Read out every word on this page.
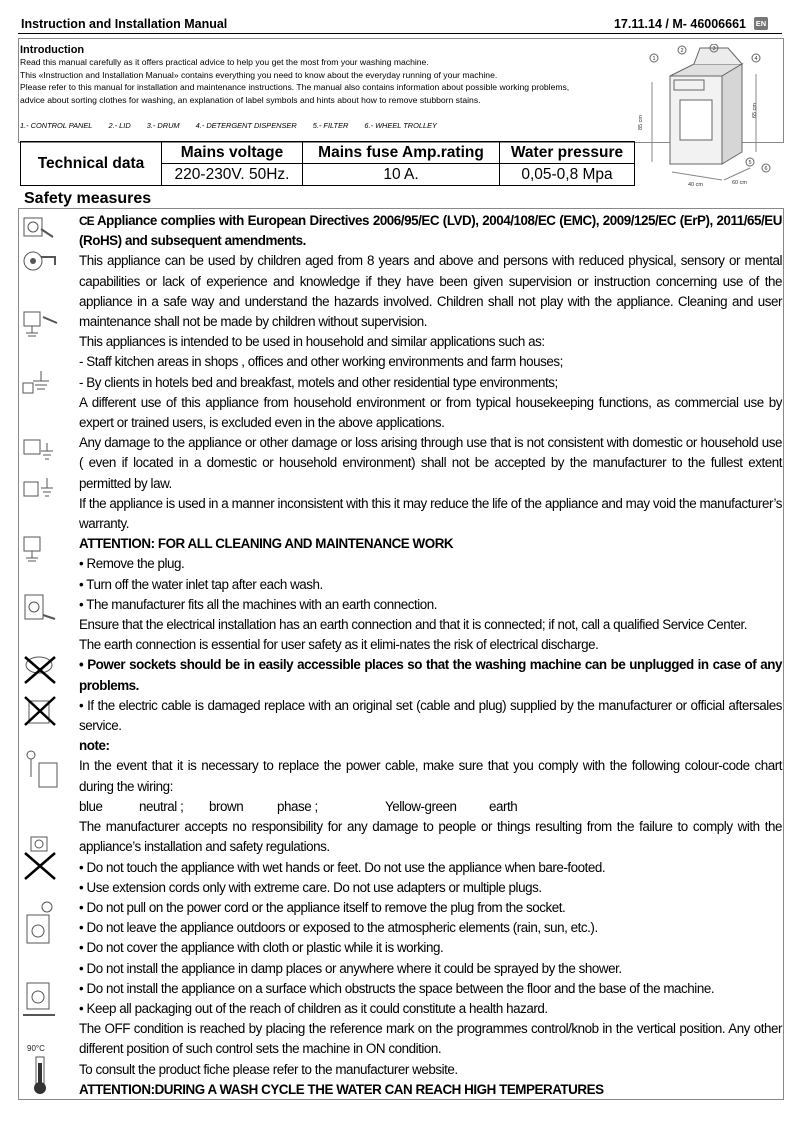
Instruction and Installation Manual	17.11.14 / M- 46006661 EN
Introduction
Read this manual carefully as it offers practical advice to help you get the most from your washing machine.
This «Instruction and Installation Manual» contains everything you need to know about the everyday running of your machine.
Please refer to this manual for installation and maintenance instructions. The manual also contains information about possible working problems,
advice about sorting clothes for washing, an explanation of label symbols and hints about how to remove stubborn stains.
1.- CONTROL PANEL 2.- LID 3.- DRUM 4.- DETERGENT DISPENSER 5.- FILTER 6.- WHEEL TROLLEY
1
2	3
4
5
6
85 cm
65 cm
40 cm	60 cm
Technical data	Mains voltage	Mains fuse Amp.rating	Water pressure
	220-230V. 50Hz.	10 A.	0,05-0,8 Mpa
Safety measures
90°C

CE Appliance complies with European Directives 2006/95/EC (LVD), 2004/108/EC (EMC), 2009/125/EC (ErP), 2011/65/EU (RoHS) and subsequent amendments.

This appliance can be used by children aged from 8 years and above and persons with reduced physical, sensory or mental capabilities or lack of experience and knowledge if they have been given supervision or instruction concerning use of the appliance in a safe way and understand the hazards involved. Children shall not play with the appliance. Cleaning and user maintenance shall not be made by children without supervision.

This appliances is intended to be used in household and similar applications such as:

- Staff kitchen areas in shops , offices and other working environments and farm houses;

- By clients in hotels bed and breakfast, motels and other residential type environments;

A different use of this appliance from household environment or from typical housekeeping functions, as commercial use by expert or trained users, is excluded even in the above applications.

Any damage to the appliance or other damage or loss arising through use that is not consistent with domestic or household use ( even if located in a domestic or household environment) shall not be accepted by the manufacturer to the fullest extent permitted by law.

If the appliance is used in a manner inconsistent with this it may reduce the life of the appliance and may void the manufacturer’s warranty.

ATTENTION: FOR ALL CLEANING AND MAINTENANCE WORK

• Remove the plug.

• Turn off the water inlet tap after each wash.

• The manufacturer fits all the machines with an earth connection.

Ensure that the electrical installation has an earth connection and that it is connected; if not, call a qualified Service Center.

The earth connection is essential for user safety as it elimi-nates the risk of electrical discharge.

• Power sockets should be in easily accessible places so that the washing machine can be unplugged in case of any problems.

• If the electric cable is damaged replace with an original set (cable and plug) supplied by the manufacturer or official aftersales service.

note:

In the event that it is necessary to replace the power cable, make sure that you comply with the following colour-code chart during the wiring:

blue	neutral ;	brown	phase ;	Yellow-green	earth

The manufacturer accepts no responsibility for any damage to people or things resulting from the failure to comply with the appliance’s installation and safety regulations.

• Do not touch the appliance with wet hands or feet. Do not use the appliance when bare-footed.

• Use extension cords only with extreme care. Do not use adapters or multiple plugs.

• Do not pull on the power cord or the appliance itself to remove the plug from the socket.

• Do not leave the appliance outdoors or exposed to the atmospheric elements (rain, sun, etc.).

• Do not cover the appliance with cloth or plastic while it is working.

• Do not install the appliance in damp places or anywhere where it could be sprayed by the shower.

• Do not install the appliance on a surface which obstructs the space between the floor and the base of the machine.

• Keep all packaging out of the reach of children as it could constitute a health hazard.

The OFF condition is reached by placing the reference mark on the programmes control/knob in the vertical position. Any other different position of such control sets the machine in ON condition.

To consult the product fiche please refer to the manufacturer website.

ATTENTION:DURING A WASH CYCLE THE WATER CAN REACH HIGH TEMPERATURES
